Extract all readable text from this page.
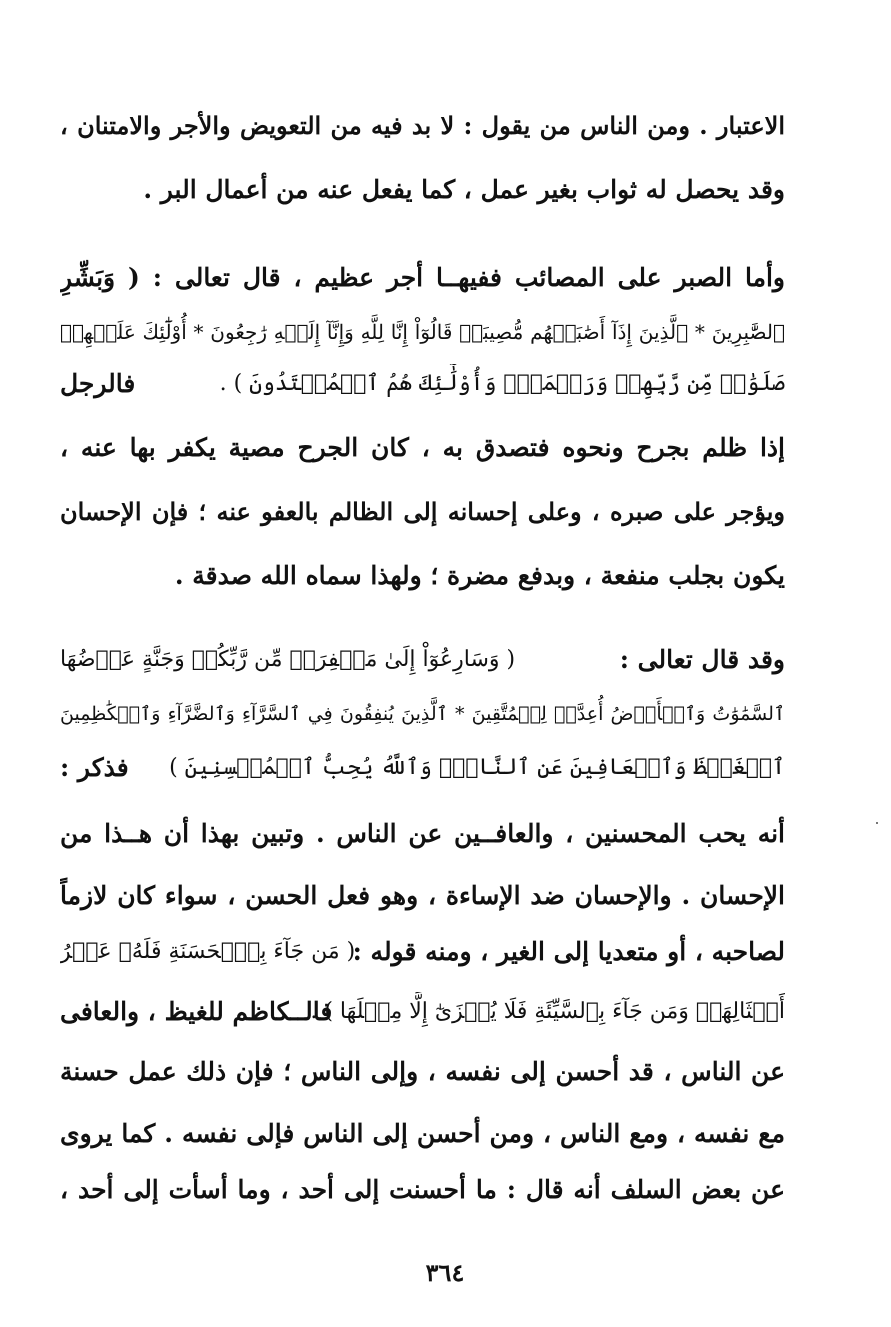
الاعتبار . ومن الناس من يقول : لا بد فيه من التعويض والأجر والامتنان ،
وقد يحصل له ثواب بغير عمل ، كما يفعل عنه من أعمال البر .
وأما الصبر على المصائب ففيهــا أجر عظيم ، قال تعالى : ( وَبَشِّرِ
ٱلصَّٰبِرِينَ * ٱلَّذِينَ إِذَآ أَصَٰبَتۡهُم مُّصِيبَةٞ قَالُوٓاْ إِنَّا لِلَّهِ وَإِنَّآ إِلَيۡهِ رَٰجِعُونَ * أُوْلَٰٓئِكَ عَلَيۡهِمۡ
صَلَوَٰتٞ مِّن رَّبِّهِمۡ وَرَحۡمَةٞۖ وَأُوْلَٰٓئِكَ هُمُ ٱلۡمُهۡتَدُونَ ) .
فالرجل
إذا ظلم بجرح ونحوه فتصدق به ، كان الجرح مصية يكفر بها عنه ،
ويؤجر على صبره ، وعلى إحسانه إلى الظالم بالعفو عنه ؛ فإن الإحسان
يكون بجلب منفعة ، وبدفع مضرة ؛ ولهذا سماه الله صدقة .
وقد قال تعالى :
( وَسَارِعُوٓاْ إِلَىٰ مَغۡفِرَةٖ مِّن رَّبِّكُمۡ وَجَنَّةٍ عَرۡضُهَا
ٱلسَّمَٰوَٰتُ وَٱلۡأَرۡضُ أُعِدَّتۡ لِلۡمُتَّقِينَ * ٱلَّذِينَ يُنفِقُونَ فِي ٱلسَّرَّآءِ وَٱلضَّرَّآءِ وَٱلۡكَٰظِمِينَ
ٱلۡغَيۡظَ وَٱلۡعَافِينَ عَنِ ٱلنَّاسِۗ وَٱللَّهُ يُحِبُّ ٱلۡمُحۡسِنِينَ )
فذكر :
أنه يحب المحسنين ، والعافــين عن الناس . وتبين بهذا أن هــذا من
الإحسان . والإحسان ضد الإساءة ، وهو فعل الحسن ، سواء كان لازماً
لصاحبه ، أو متعديا إلى الغير ، ومنه قوله :
( مَن جَآءَ بِٱلۡحَسَنَةِ فَلَهُۥ عَشۡرُ
أَمۡثَالِهَاۖ وَمَن جَآءَ بِٱلسَّيِّئَةِ فَلَا يُجۡزَىٰٓ إِلَّا مِثۡلَهَا ) .
فالــكاظم للغيظ ، والعافى
عن الناس ، قد أحسن إلى نفسه ، وإلى الناس ؛ فإن ذلك عمل حسنة
مع نفسه ، ومع الناس ، ومن أحسن إلى الناس فإلى نفسه . كما يروى
عن بعض السلف أنه قال : ما أحسنت إلى أحد ، وما أسأت إلى أحد ،
٣٦٤
